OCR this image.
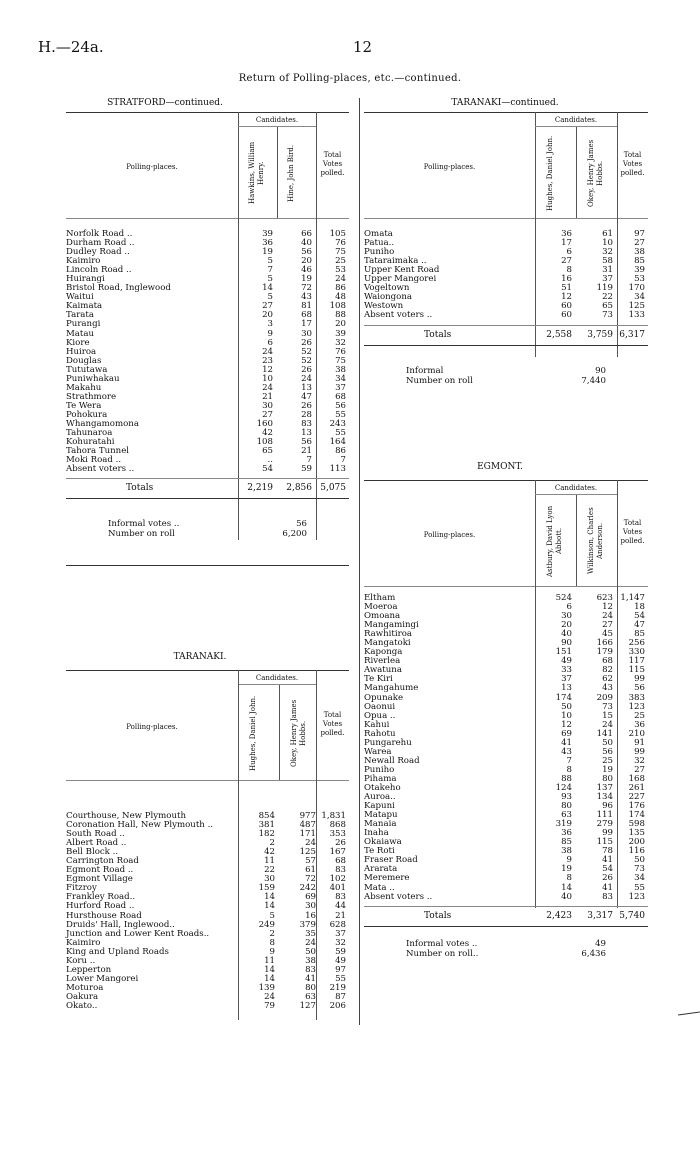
H.—24a.	12
Return of Polling-places, etc.—continued.
STRATFORD—continued.
Candidates.
Polling-places.
Total Votes polled.
Hawkins, William Henry.	Hine, John Bird.
Norfolk Road ..	39	66	105
Durham Road ..	36	40	76
Dudley Road ..	19	56	75
Kaimiro	5	20	25
Lincoln Road ..	7	46	53
Huirangi	5	19	24
Bristol Road, Inglewood	14	72	86
Waitui	5	43	48
Kaimata	27	81	108
Tarata	20	68	88
Purangi	3	17	20
Matau	9	30	39
Kiore	6	26	32
Huiroa	24	52	76
Douglas	23	52	75
Tututawa	12	26	38
Puniwhakau	10	24	34
Makahu	24	13	37
Strathmore	21	47	68
Te Wera	30	26	56
Pohokura	27	28	55
Whangamomona	160	83	243
Tahunaroa	42	13	55
Kohuratahi	108	56	164
Tahora Tunnel	65	21	86
Moki Road ..	..	7	7
Absent voters ..	54	59	113
Totals	2,219	2,856 5,075
Informal votes ..	56
Number on roll	6,200
TARANAKI—continued.
Candidates.
Polling-places.
Total Votes polled.
Hughes, Daniel John.	Okey, Henry James Hobbs.
Omata	36	61	97
Patua..	17	10	27
Puniho	6	32	38
Tataraimaka ..	27	58	85
Upper Kent Road	8	31	39
Upper Mangorei	16	37	53
Vogeltown	51	119	170
Waiongona	12	22	34
Westown	60	65	125
Absent voters ..	60	73	133
Totals	2,558	3,759 6,317
Informal	90
Number on roll	7,440
TARANAKI.
Candidates.
Polling-places.
Total Votes polled.
Hughes, Daniel John.	Okey, Henry James Hobbs.
Courthouse, New Plymouth	854	977 1,831
Coronation Hall, New Plymouth ..	381	487	868
South Road ..	182	171	353
Albert Road ..	2	24	26
Bell Block ..	42	125	167
Carrington Road	11	57	68
Egmont Road ..	22	61	83
Egmont Village	30	72	102
Fitzroy	159	242	401
Frankley Road..	14	69	83
Hurford Road ..	14	30	44
Hursthouse Road	5	16	21
Druids' Hall, Inglewood..	249	379	628
Junction and Lower Kent Roads..	2	35	37
Kaimiro	8	24	32
King and Upland Roads	9	50	59
Koru ..	11	38	49
Lepperton	14	83	97
Lower Mangorei	14	41	55
Moturoa	139	80	219
Oakura	24	63	87
Okato..	79	127	206
EGMONT.
Candidates.
Polling-places.
Total Votes polled.
Astbury, David Lyon Abbott.	Wilkinson, Charles Anderson.
Eltham	524	623 1,147
Moeroa	6	12	18
Omoana	30	24	54
Mangamingi	20	27	47
Rawhitiroa	40	45	85
Mangatoki	90	166	256
Kaponga	151	179	330
Riverlea	49	68	117
Awatuna	33	82	115
Te Kiri	37	62	99
Mangahume	13	43	56
Opunake	174	209	383
Oaonui	50	73	123
Opua ..	10	15	25
Kahui	12	24	36
Rahotu	69	141	210
Pungarehu	41	50	91
Warea	43	56	99
Newall Road	7	25	32
Puniho	8	19	27
Pihama	88	80	168
Otakeho	124	137	261
Auroa..	93	134	227
Kapuni	80	96	176
Matapu	63	111	174
Manaia	319	279	598
Inaha	36	99	135
Okaiawa	85	115	200
Te Roti	38	78	116
Fraser Road	9	41	50
Ararata	19	54	73
Meremere	8	26	34
Mata ..	14	41	55
Absent voters ..	40	83	123
Totals	2,423	3,317 5,740
Informal votes ..	49
Number on roll..	6,436
